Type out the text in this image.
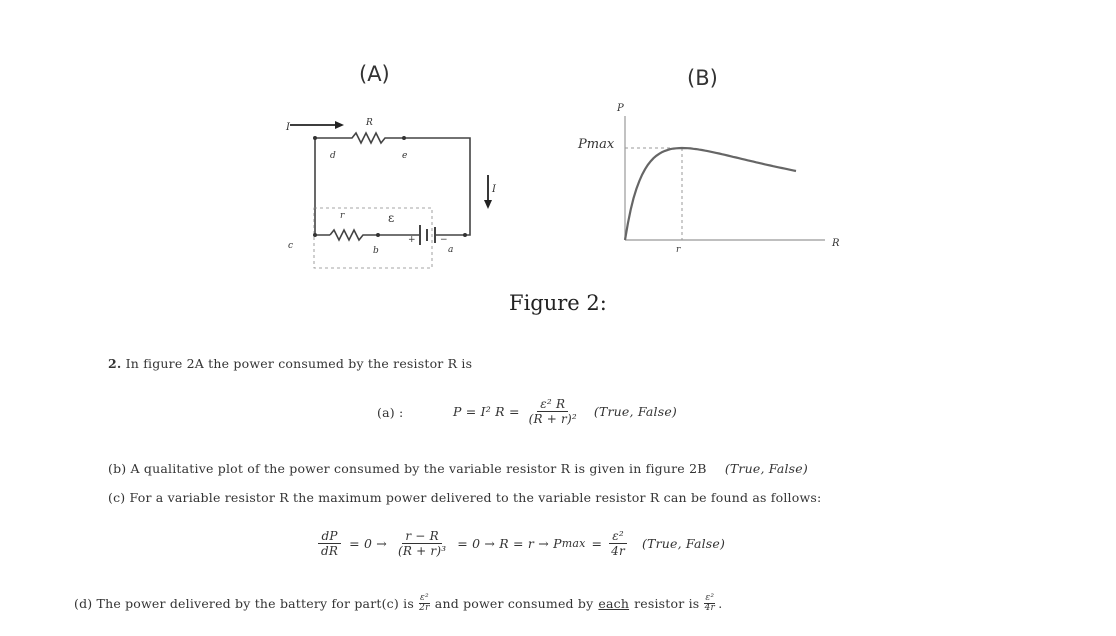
(A)	(B)
I
I
R
d	e
r	ε
c	b
+	−
a
P
Pmax
r
R
Figure 2:
2. In figure 2A the power consumed by the resistor R is
(a) :	P = I² $R = \frac{\text{ε² R}}{\text{(R + r)²}}$ (True, False)
(b) A qualitative plot of the power consumed by the variable resistor R is given in figure 2B (True, False)
(c) For a variable resistor R the maximum power delivered to the variable resistor R can be found as follows:
$\frac{dP}{dR} = 0 \to \frac{r - R}{\text{(R + r)³}} = 0 \to R = r \to P$ $\max = \frac{\text{ε²}}{4r}$ (True, False)
(d) The power delivered by the battery for part(c) is $\frac{\text{ε²}}{2r}$ and power consumed by each resistor is $\frac{\text{ε²}}{4r}$ .
